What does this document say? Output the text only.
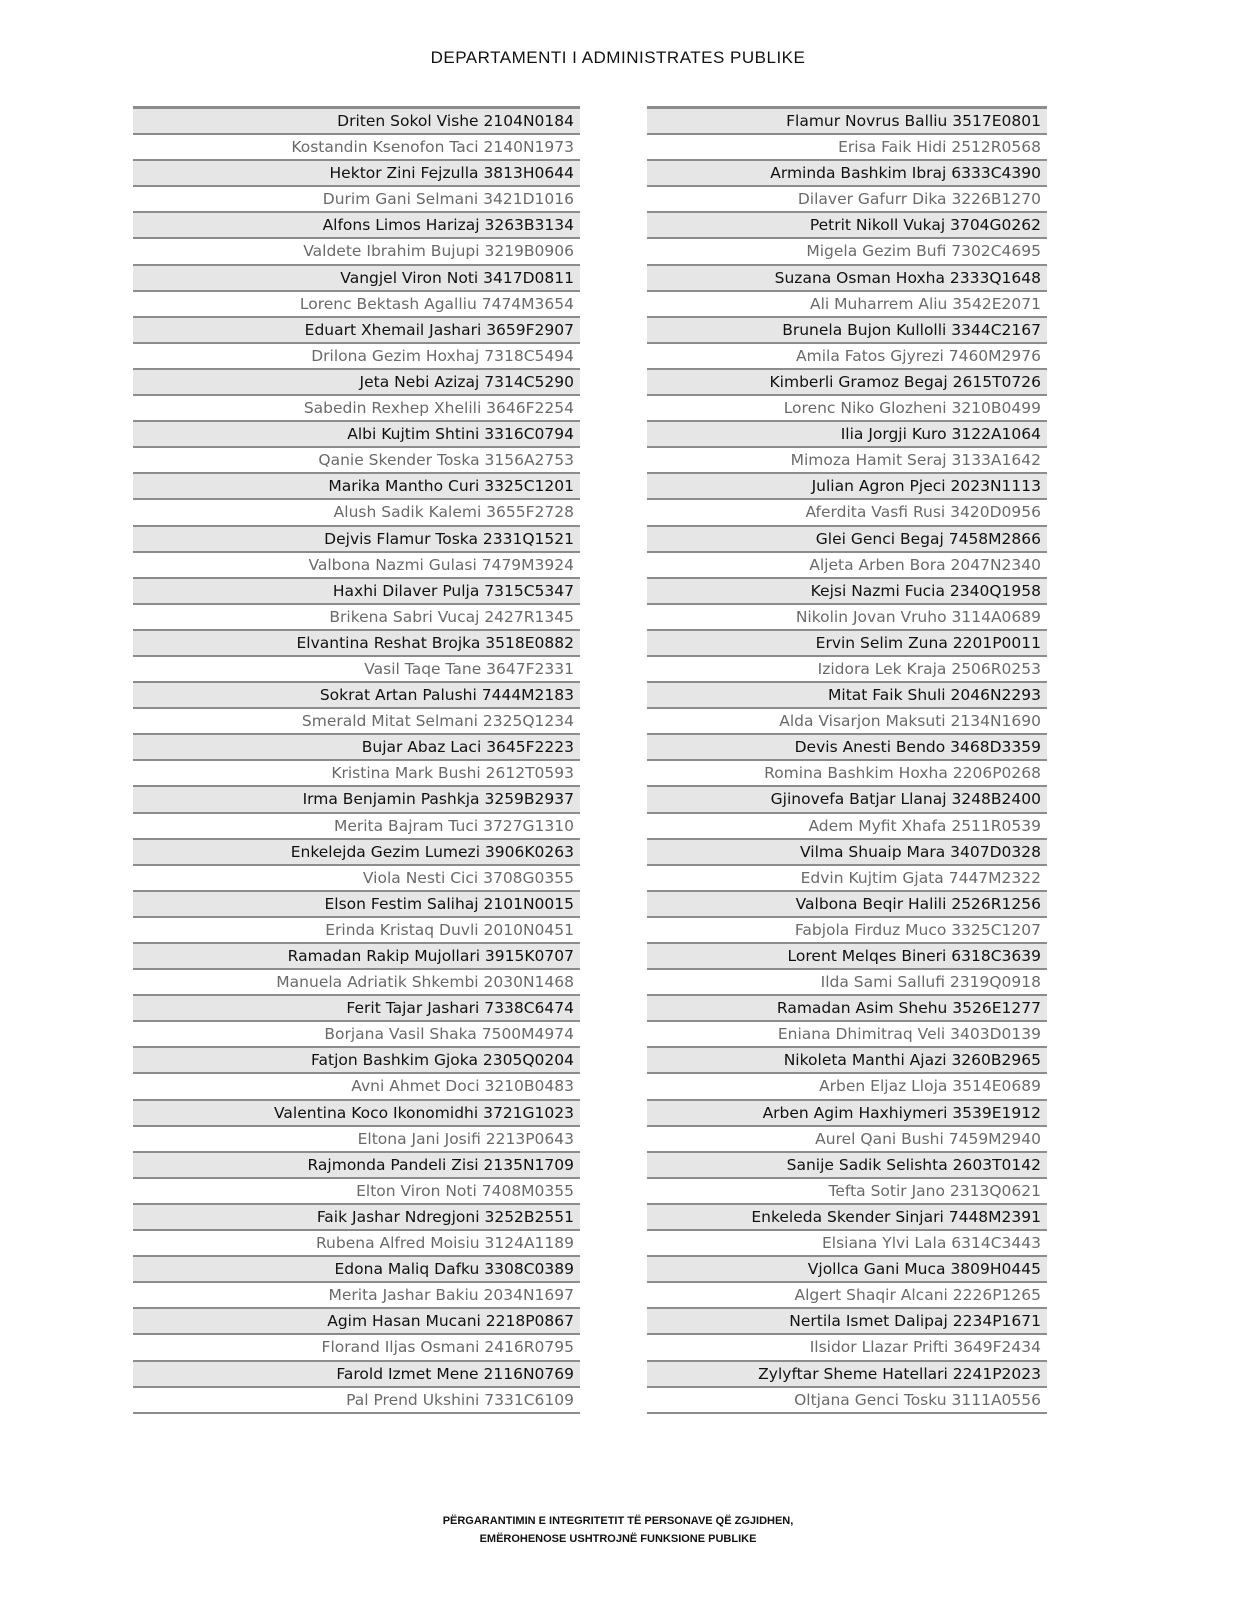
DEPARTAMENTI I ADMINISTRATES PUBLIKE
Driten Sokol Vishe 2104N0184
Kostandin Ksenofon Taci 2140N1973
Hektor Zini Fejzulla 3813H0644
Durim Gani Selmani 3421D1016
Alfons Limos Harizaj 3263B3134
Valdete Ibrahim Bujupi 3219B0906
Vangjel Viron Noti 3417D0811
Lorenc Bektash Agalliu 7474M3654
Eduart Xhemail Jashari 3659F2907
Drilona Gezim Hoxhaj 7318C5494
Jeta Nebi Azizaj 7314C5290
Sabedin Rexhep Xhelili 3646F2254
Albi Kujtim Shtini 3316C0794
Qanie Skender Toska 3156A2753
Marika Mantho Curi 3325C1201
Alush Sadik Kalemi 3655F2728
Dejvis Flamur Toska 2331Q1521
Valbona Nazmi Gulasi 7479M3924
Haxhi Dilaver Pulja 7315C5347
Brikena Sabri Vucaj 2427R1345
Elvantina Reshat Brojka 3518E0882
Vasil Taqe Tane 3647F2331
Sokrat Artan Palushi 7444M2183
Smerald Mitat Selmani 2325Q1234
Bujar Abaz Laci 3645F2223
Kristina Mark Bushi 2612T0593
Irma Benjamin Pashkja 3259B2937
Merita Bajram Tuci 3727G1310
Enkelejda Gezim Lumezi 3906K0263
Viola Nesti Cici 3708G0355
Elson Festim Salihaj 2101N0015
Erinda Kristaq Duvli 2010N0451
Ramadan Rakip Mujollari 3915K0707
Manuela Adriatik Shkembi 2030N1468
Ferit Tajar Jashari 7338C6474
Borjana Vasil Shaka 7500M4974
Fatjon Bashkim Gjoka 2305Q0204
Avni Ahmet Doci 3210B0483
Valentina Koco Ikonomidhi 3721G1023
Eltona Jani Josifi 2213P0643
Rajmonda Pandeli Zisi 2135N1709
Elton Viron Noti 7408M0355
Faik Jashar Ndregjoni 3252B2551
Rubena Alfred Moisiu 3124A1189
Edona Maliq Dafku 3308C0389
Merita Jashar Bakiu 2034N1697
Agim Hasan Mucani 2218P0867
Florand Iljas Osmani 2416R0795
Farold Izmet Mene 2116N0769
Pal Prend Ukshini 7331C6109
Flamur Novrus Balliu 3517E0801
Erisa Faik Hidi 2512R0568
Arminda Bashkim Ibraj 6333C4390
Dilaver Gafurr Dika 3226B1270
Petrit Nikoll Vukaj 3704G0262
Migela Gezim Bufi 7302C4695
Suzana Osman Hoxha 2333Q1648
Ali Muharrem Aliu 3542E2071
Brunela Bujon Kullolli 3344C2167
Amila Fatos Gjyrezi 7460M2976
Kimberli Gramoz Begaj 2615T0726
Lorenc Niko Glozheni 3210B0499
Ilia Jorgji Kuro 3122A1064
Mimoza Hamit Seraj 3133A1642
Julian Agron Pjeci 2023N1113
Aferdita Vasfi Rusi 3420D0956
Glei Genci Begaj 7458M2866
Aljeta Arben Bora 2047N2340
Kejsi Nazmi Fucia 2340Q1958
Nikolin Jovan Vruho 3114A0689
Ervin Selim Zuna 2201P0011
Izidora Lek Kraja 2506R0253
Mitat Faik Shuli 2046N2293
Alda Visarjon Maksuti 2134N1690
Devis Anesti Bendo 3468D3359
Romina Bashkim Hoxha 2206P0268
Gjinovefa Batjar Llanaj 3248B2400
Adem Myfit Xhafa 2511R0539
Vilma Shuaip Mara 3407D0328
Edvin Kujtim Gjata 7447M2322
Valbona Beqir Halili 2526R1256
Fabjola Firduz Muco 3325C1207
Lorent Melqes Bineri 6318C3639
Ilda Sami Sallufi 2319Q0918
Ramadan Asim Shehu 3526E1277
Eniana Dhimitraq Veli 3403D0139
Nikoleta Manthi Ajazi 3260B2965
Arben Eljaz Lloja 3514E0689
Arben Agim Haxhiymeri 3539E1912
Aurel Qani Bushi 7459M2940
Sanije Sadik Selishta 2603T0142
Tefta Sotir Jano 2313Q0621
Enkeleda Skender Sinjari 7448M2391
Elsiana Ylvi Lala 6314C3443
Vjollca Gani Muca 3809H0445
Algert Shaqir Alcani 2226P1265
Nertila Ismet Dalipaj 2234P1671
Ilsidor Llazar Prifti 3649F2434
Zylyftar Sheme Hatellari 2241P2023
Oltjana Genci Tosku 3111A0556
PËRGARANTIMIN E INTEGRITETIT TË PERSONAVE QË ZGJIDHEN,
EMËROHENOSE USHTROJNË FUNKSIONE PUBLIKE
